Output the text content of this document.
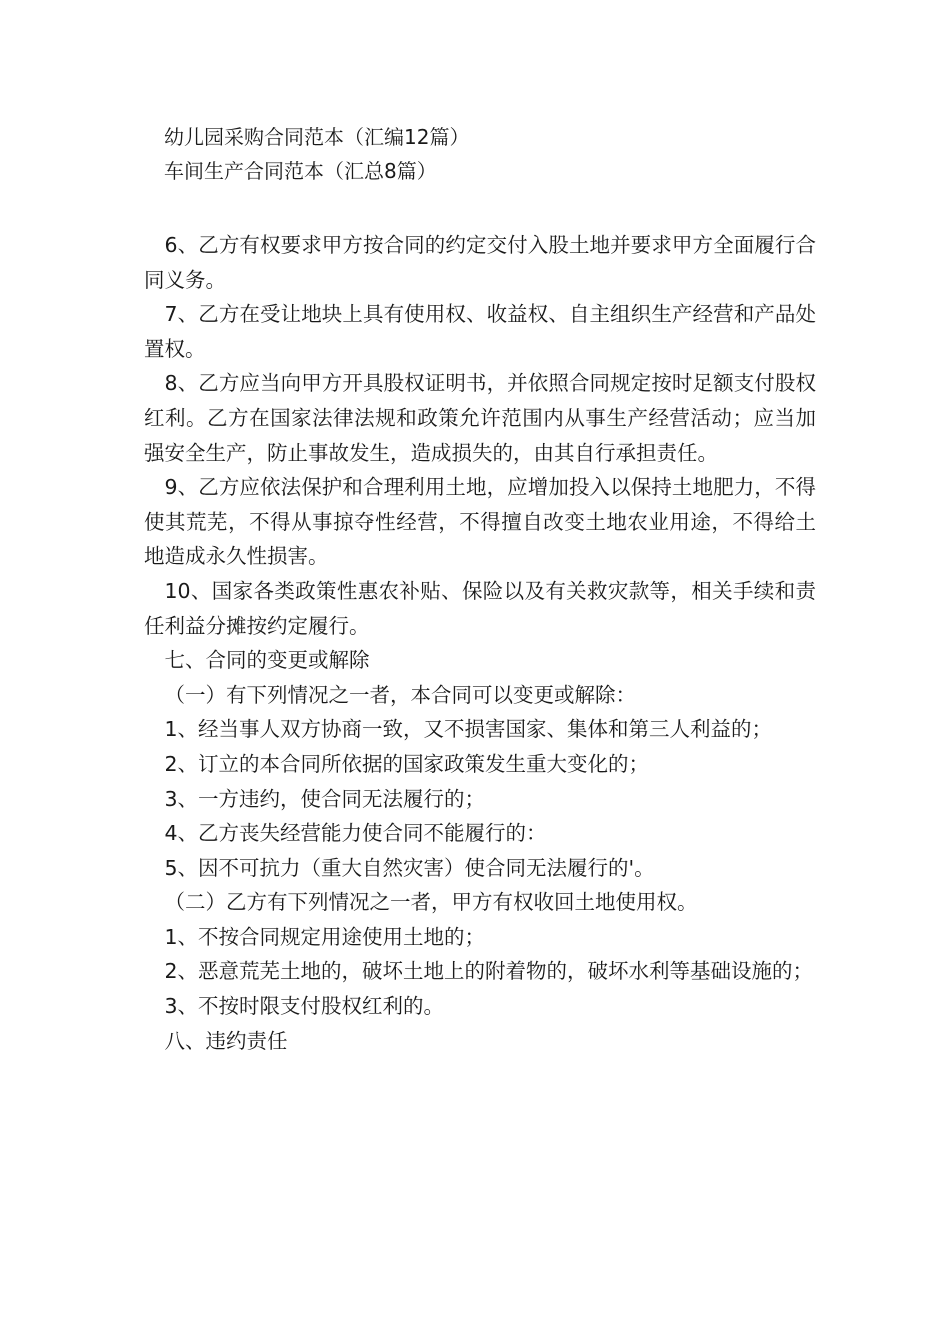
幼儿园采购合同范本（汇编12篇）
车间生产合同范本（汇总8篇）

6、乙方有权要求甲方按合同的约定交付入股土地并要求甲方全面履行合同义务。

7、乙方在受让地块上具有使用权、收益权、自主组织生产经营和产品处置权。

8、乙方应当向甲方开具股权证明书，并依照合同规定按时足额支付股权红利。乙方在国家法律法规和政策允许范围内从事生产经营活动；应当加强安全生产，防止事故发生，造成损失的，由其自行承担责任。

9、乙方应依法保护和合理利用土地，应增加投入以保持土地肥力，不得使其荒芜，不得从事掠夺性经营，不得擅自改变土地农业用途，不得给土地造成永久性损害。

10、国家各类政策性惠农补贴、保险以及有关救灾款等，相关手续和责任利益分摊按约定履行。

七、合同的变更或解除

（一）有下列情况之一者，本合同可以变更或解除：

1、经当事人双方协商一致，又不损害国家、集体和第三人利益的；

2、订立的本合同所依据的国家政策发生重大变化的；

3、一方违约，使合同无法履行的；

4、乙方丧失经营能力使合同不能履行的：

5、因不可抗力（重大自然灾害）使合同无法履行的'。

（二）乙方有下列情况之一者，甲方有权收回土地使用权。

1、不按合同规定用途使用土地的；

2、恶意荒芜土地的，破坏土地上的附着物的，破坏水利等基础设施的；

3、不按时限支付股权红利的。

八、违约责任
